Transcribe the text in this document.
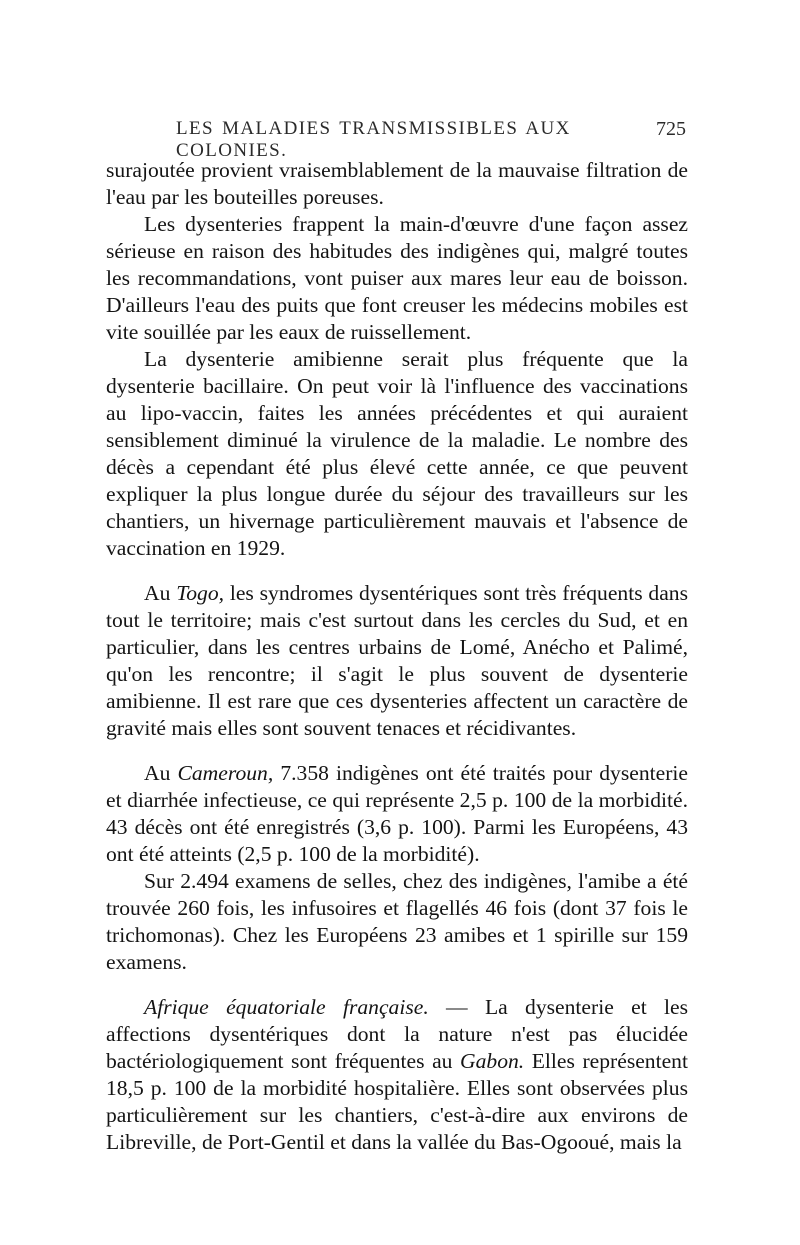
LES MALADIES TRANSMISSIBLES AUX COLONIES.
725

surajoutée provient vraisemblablement de la mauvaise filtration de l'eau par les bouteilles poreuses.

Les dysenteries frappent la main-d'œuvre d'une façon assez sérieuse en raison des habitudes des indigènes qui, malgré toutes les recommandations, vont puiser aux mares leur eau de boisson. D'ailleurs l'eau des puits que font creuser les médecins mobiles est vite souillée par les eaux de ruissellement.

La dysenterie amibienne serait plus fréquente que la dysenterie bacillaire. On peut voir là l'influence des vaccinations au lipo-vaccin, faites les années précédentes et qui auraient sensiblement diminué la virulence de la maladie. Le nombre des décès a cependant été plus élevé cette année, ce que peuvent expliquer la plus longue durée du séjour des travailleurs sur les chantiers, un hivernage particulièrement mauvais et l'absence de vaccination en 1929.

Au Togo, les syndromes dysentériques sont très fréquents dans tout le territoire; mais c'est surtout dans les cercles du Sud, et en particulier, dans les centres urbains de Lomé, Anécho et Palimé, qu'on les rencontre; il s'agit le plus souvent de dysenterie amibienne. Il est rare que ces dysenteries affectent un caractère de gravité mais elles sont souvent tenaces et récidivantes.

Au Cameroun, 7.358 indigènes ont été traités pour dysenterie et diarrhée infectieuse, ce qui représente 2,5 p. 100 de la morbidité. 43 décès ont été enregistrés (3,6 p. 100). Parmi les Européens, 43 ont été atteints (2,5 p. 100 de la morbidité).

Sur 2.494 examens de selles, chez des indigènes, l'amibe a été trouvée 260 fois, les infusoires et flagellés 46 fois (dont 37 fois le trichomonas). Chez les Européens 23 amibes et 1 spirille sur 159 examens.

Afrique équatoriale française. — La dysenterie et les affections dysentériques dont la nature n'est pas élucidée bactériologiquement sont fréquentes au Gabon. Elles représentent 18,5 p. 100 de la morbidité hospitalière. Elles sont observées plus particulièrement sur les chantiers, c'est-à-dire aux environs de Libreville, de Port-Gentil et dans la vallée du Bas-Ogooué, mais la
